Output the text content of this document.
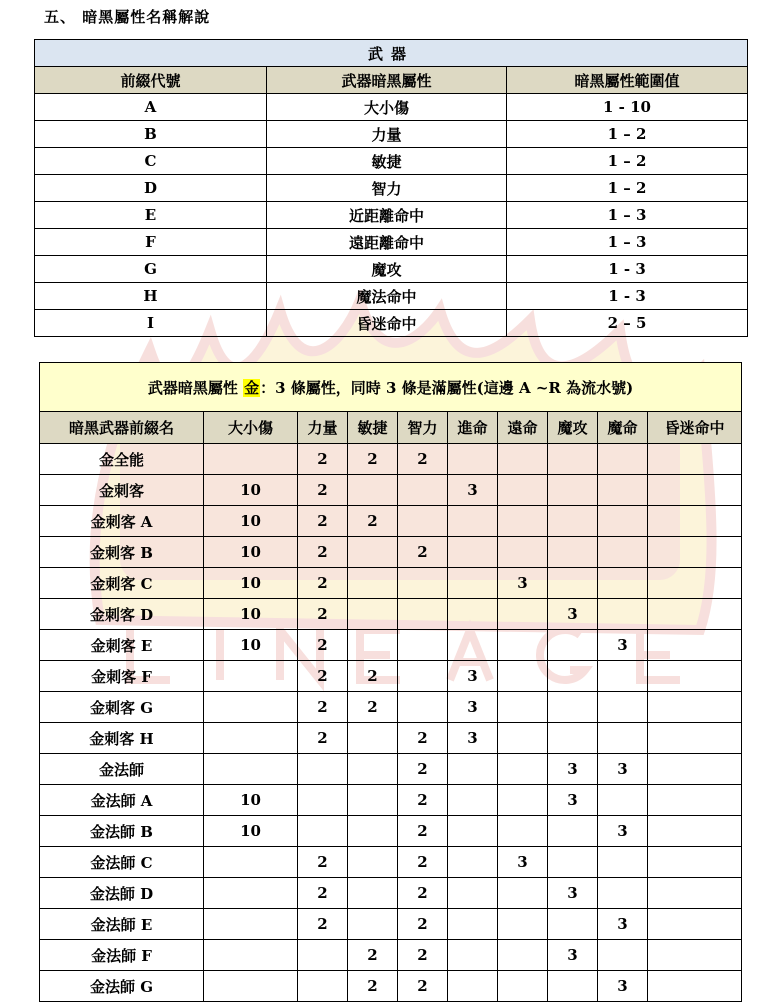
五、 暗黑屬性名稱解說
武器		
前綴代號	武器暗黑屬性	暗黑屬性範圍值
A	大小傷	1 - 10
B	力量	1 – 2
C	敏捷	1 – 2
D	智力	1 – 2
E	近距離命中	1 – 3
F	遠距離命中	1 – 3
G	魔攻	1 - 3
H	魔法命中	1 - 3
I	昏迷命中	2 – 5
武器暗黑屬性 金：3 條屬性，同時 3 條是滿屬性(這邊 A ~R 為流水號)									
暗黑武器前綴名	大小傷	力量	敏捷	智力	進命	遠命	魔攻	魔命	昏迷命中
金全能		2	2	2					
金刺客	10	2			3				
金刺客 A	10	2	2						
金刺客 B	10	2		2					
金刺客 C	10	2				3			
金刺客 D	10	2					3		
金刺客 E	10	2						3	
金刺客 F		2	2		3				
金刺客 G		2	2		3				
金刺客 H		2		2	3				
金法師				2			3	3	
金法師 A	10			2			3		
金法師 B	10			2				3	
金法師 C		2		2		3			
金法師 D		2		2			3		
金法師 E		2		2				3	
金法師 F			2	2			3		
金法師 G			2	2				3	
